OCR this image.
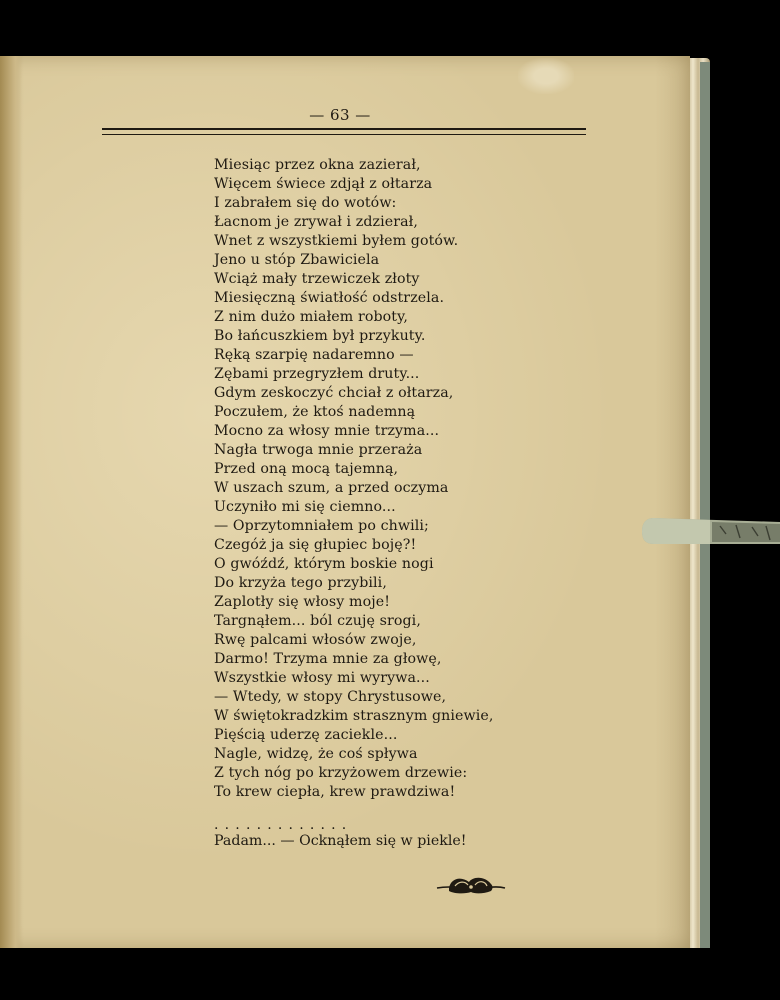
— 63 —
Miesiąc przez okna zazierał,
Więcem świece zdjął z ołtarza
I zabrałem się do wotów:
Łacnom je zrywał i zdzierał,
Wnet z wszystkiemi byłem gotów.
Jeno u stóp Zbawiciela
Wciąż mały trzewiczek złoty
Miesięczną światłość odstrzela.
Z nim dużo miałem roboty,
Bo łańcuszkiem był przykuty.
Ręką szarpię nadaremno —
Zębami przegryzłem druty...
Gdym zeskoczyć chciał z ołtarza,
Poczułem, że ktoś nademną
Mocno za włosy mnie trzyma...
Nagła trwoga mnie przeraża
Przed oną mocą tajemną,
W uszach szum, a przed oczyma
Uczyniło mi się ciemno...
— Oprzytomniałem po chwili;
Czegóż ja się głupiec boję?!
O gwóźdź, którym boskie nogi
Do krzyża tego przybili,
Zaplotły się włosy moje!
Targnąłem... ból czuję srogi,
Rwę palcami włosów zwoje,
Darmo! Trzyma mnie za głowę,
Wszystkie włosy mi wyrywa...
— Wtedy, w stopy Chrystusowe,
W świętokradzkim strasznym gniewie,
Pięścią uderzę zaciekle...
Nagle, widzę, że coś spływa
Z tych nóg po krzyżowem drzewie:
To krew ciepła, krew prawdziwa!
.............
Padam... — Ocknąłem się w piekle!
